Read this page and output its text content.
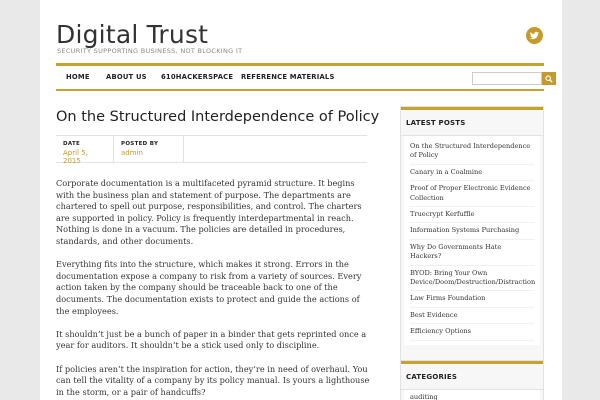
Digital Trust
SECURITY SUPPORTING BUSINESS, NOT BLOCKING IT
HOME ABOUT US 610HACKERSPACE REFERENCE MATERIALS
On the Structured Interdependence of Policy
DATE
April 5, 2015
POSTED BY
admin

Corporate documentation is a multifaceted pyramid structure. It begins with the business plan and statement of purpose. The departments are chartered to spell out purpose, responsibilities, and control. The charters are supported in policy. Policy is frequently interdepartmental in reach. Nothing is done in a vacuum. The policies are detailed in procedures, standards, and other documents.

Everything fits into the structure, which makes it strong. Errors in the documentation expose a company to risk from a variety of sources. Every action taken by the company should be traceable back to one of the documents. The documentation exists to protect and guide the actions of the employees.

It shouldn’t just be a bunch of paper in a binder that gets reprinted once a year for auditors. It shouldn’t be a stick used only to discipline.

If policies aren’t the inspiration for action, they’re in need of overhaul. You can tell the vitality of a company by its policy manual. Is yours a lighthouse in the storm, or a pair of handcuffs?

LATEST POSTS
On the Structured Interdependence of Policy
Canary in a Coalmine
Proof of Proper Electronic Evidence Collection
Truecrypt Kerfuffle
Information Systems Purchasing
Why Do Governments Hate Hackers?
BYOD: Bring Your Own Device/Doom/Destruction/Distraction
Law Firms Foundation
Best Evidence
Efficiency Options
CATEGORIES
auditing
